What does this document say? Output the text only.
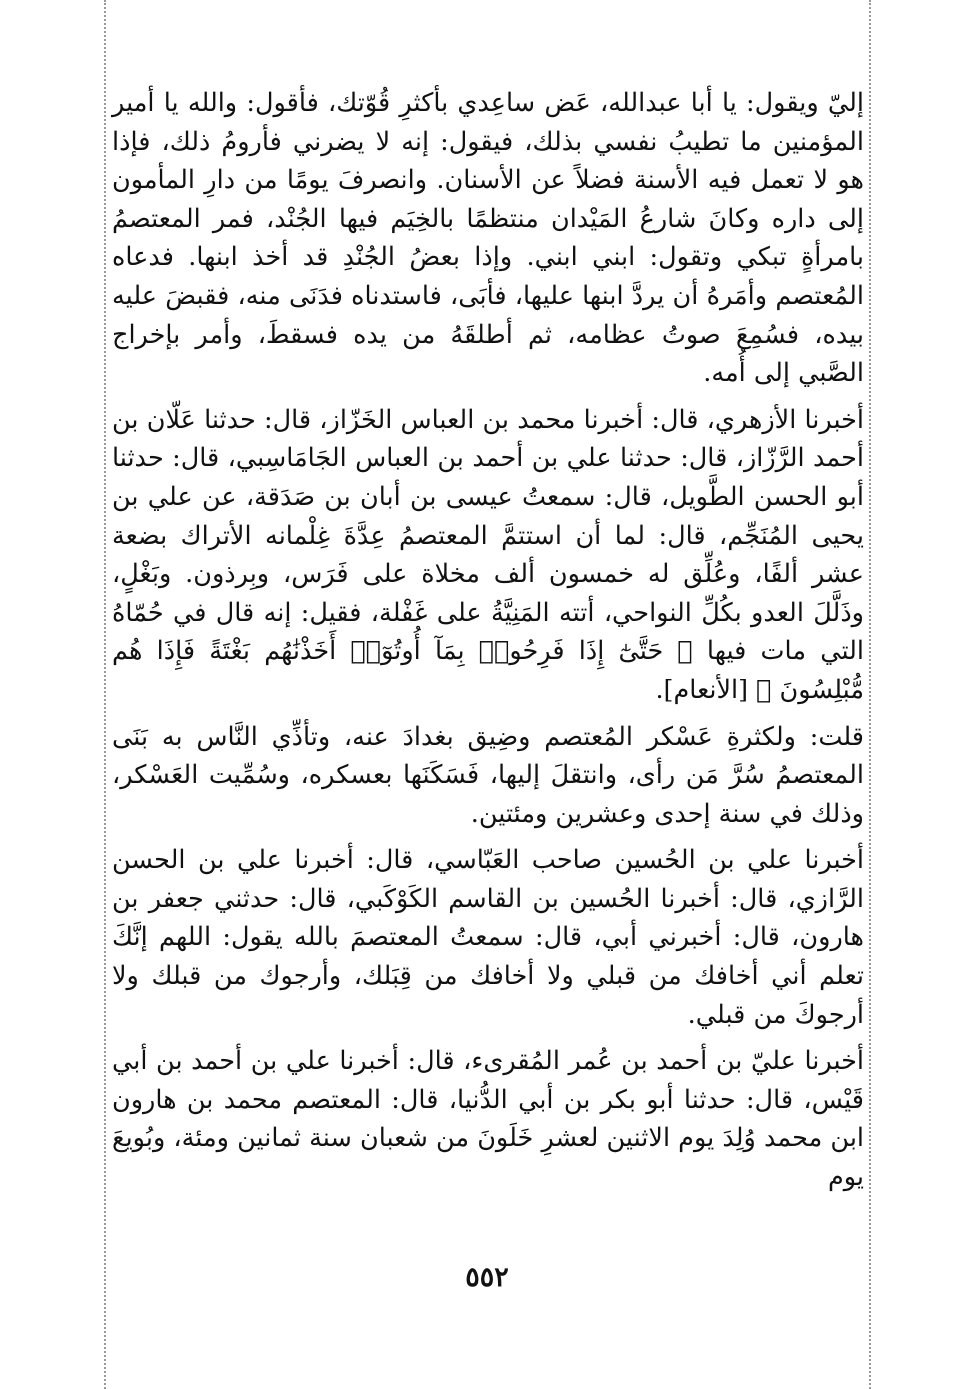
إليّ ويقول: يا أبا عبدالله، عَض ساعِدي بأكثرِ قُوّتك، فأقول: والله يا أمير المؤمنين ما تطيبُ نفسي بذلك، فيقول: إنه لا يضرني فأرومُ ذلك، فإذا هو لا تعمل فيه الأسنة فضلاً عن الأسنان. وانصرفَ يومًا من دارِ المأمون إلى داره وكانَ شارعُ المَيْدان منتظمًا بالخِيَم فيها الجُنْد، فمر المعتصمُ بامرأةٍ تبكي وتقول: ابني ابني. وإذا بعضُ الجُنْدِ قد أخذ ابنها. فدعاه المُعتصم وأمَرهُ أن يردَّ ابنها عليها، فأبَى، فاستدناه فدَنَى منه، فقبضَ عليه بيده، فسُمِعَ صوتُ عظامه، ثم أطلقَهُ من يده فسقطَ، وأمر بإخراج الصَّبي إلى أُمه.

أخبرنا الأزهري، قال: أخبرنا محمد بن العباس الخَزّاز، قال: حدثنا عَلّان بن أحمد الرَّزّاز، قال: حدثنا علي بن أحمد بن العباس الجَامَاسِبي، قال: حدثنا أبو الحسن الطَّويل، قال: سمعتُ عيسى بن أبان بن صَدَقة، عن علي بن يحيى المُنَجِّم، قال: لما أن استتمَّ المعتصمُ عِدَّةَ غِلْمانه الأتراك بضعة عشر ألفًا، وعُلِّق له خمسون ألف مخلاة على فَرَس، وبِرذون. وبَغْلٍ، وذَلَّلَ العدو بكُلِّ النواحي، أتته المَنِيَّةُ على غَفْلة، فقيل: إنه قال في حُمّاهُ التي مات فيها ﴿ حَتَّىٰٓ إِذَا فَرِحُوا۟ بِمَآ أُوتُوٓا۟ أَخَذْنَٰهُم بَغْتَةً فَإِذَا هُم مُّبْلِسُونَ ﴾ [الأنعام].

قلت: ولكثرةِ عَسْكر المُعتصم وضِيق بغدادَ عنه، وتأذِّي النَّاس به بَنَى المعتصمُ سُرَّ مَن رأى، وانتقلَ إليها، فَسَكَنَها بعسكره، وسُمِّيت العَسْكر، وذلك في سنة إحدى وعشرين ومئتين.

أخبرنا علي بن الحُسين صاحب العَبّاسي، قال: أخبرنا علي بن الحسن الرَّازي، قال: أخبرنا الحُسين بن القاسم الكَوْكَبي، قال: حدثني جعفر بن هارون، قال: أخبرني أبي، قال: سمعتُ المعتصمَ بالله يقول: اللهم إنَّكَ تعلم أني أخافك من قبلي ولا أخافك من قِبَلك، وأرجوك من قبلك ولا أرجوكَ من قبلي.

أخبرنا عليّ بن أحمد بن عُمر المُقرىء، قال: أخبرنا علي بن أحمد بن أبي قَيْس، قال: حدثنا أبو بكر بن أبي الدُّنيا، قال: المعتصم محمد بن هارون ابن محمد وُلِدَ يوم الاثنين لعشرِ خَلَونَ من شعبان سنة ثمانين ومئة، وبُويعَ يوم

٥٥٢
